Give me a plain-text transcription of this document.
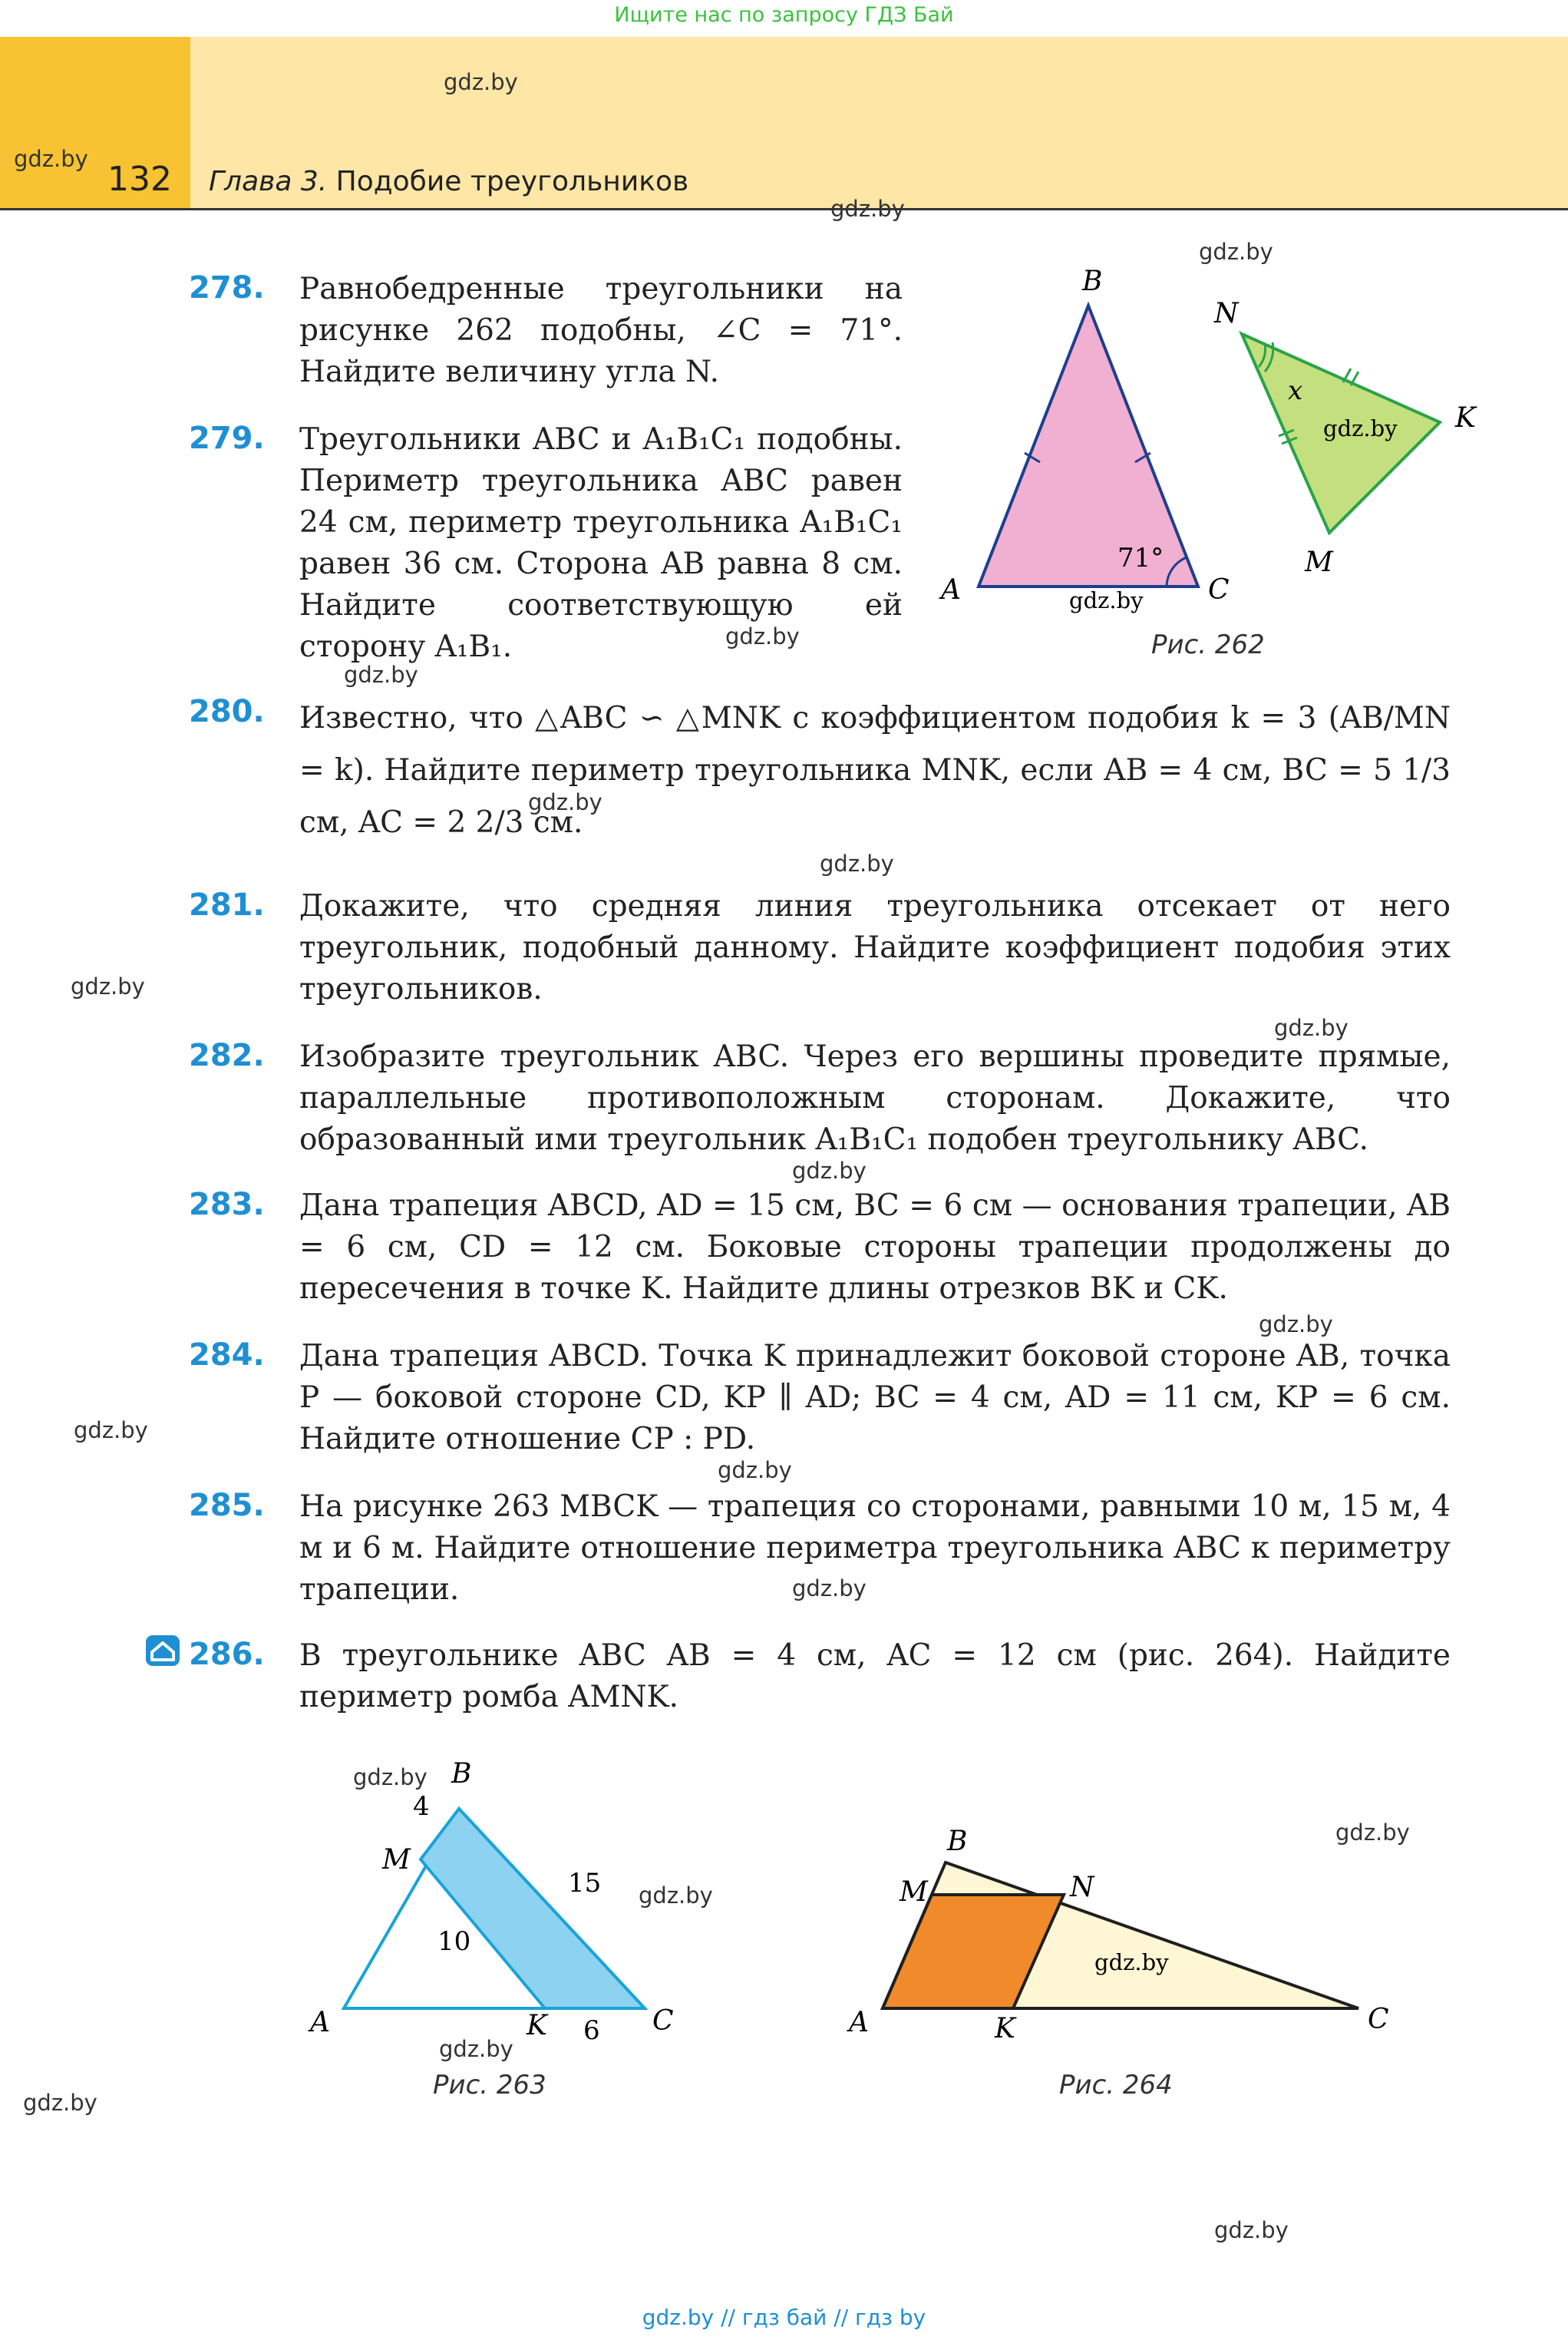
Ищите нас по запросу ГДЗ Бай
132 Глава 3. Подобие треугольников
gdz.by
gdz.by
gdz.by
gdz.by
gdz.by
gdz.by
gdz.by
gdz.by
gdz.by
gdz.by
gdz.by
gdz.by
gdz.by
gdz.by
gdz.by
gdz.by
gdz.by
gdz.by
278. Равнобедренные треугольники на рисунке 262 подобны, ∠C = 71°. Найдите величину угла N.
279. Треугольники ABC и A₁B₁C₁ подобны. Периметр треугольника ABC равен 24 см, периметр треугольника A₁B₁C₁ равен 36 см. Сторона AB равна 8 см. Найдите соответствующую ей сторону A₁B₁.
280. Известно, что △ABC ∽ △MNK с коэффициентом подобия k = 3 (AB/MN = k). Найдите периметр треугольника MNK, если AB = 4 см, BC = 5 1/3 см, AC = 2 2/3 см.
281. Докажите, что средняя линия треугольника отсекает от него треугольник, подобный данному. Найдите коэффициент подобия этих треугольников.
282. Изобразите треугольник ABC. Через его вершины проведите прямые, параллельные противоположным сторонам. Докажите, что образованный ими треугольник A₁B₁C₁ подобен треугольнику ABC.
283. Дана трапеция ABCD, AD = 15 см, BC = 6 см — основания трапеции, AB = 6 см, CD = 12 см. Боковые стороны трапеции продолжены до пересечения в точке K. Найдите длины отрезков BK и CK.
284. Дана трапеция ABCD. Точка K принадлежит боковой стороне AB, точка P — боковой стороне CD, KP ∥ AD; BC = 4 см, AD = 11 см, KP = 6 см. Найдите отношение CP : PD.
285. На рисунке 263 MBCK — трапеция со сторонами, равными 10 м, 15 м, 4 м и 6 м. Найдите отношение периметра треугольника ABC к периметру трапеции.
286. В треугольнике ABC AB = 4 см, AC = 12 см (рис. 264). Найдите периметр ромба AMNK.
B
A	C
N
K
M
x
71°
gdz.by
gdz.by
Рис. 262
B
A	C
M
K
4
15
10
6
gdz.by
gdz.by
gdz.by
Рис. 263
B
A	C
M	N
K
gdz.by
Рис. 264
gdz.by // гдз бай // гдз by
